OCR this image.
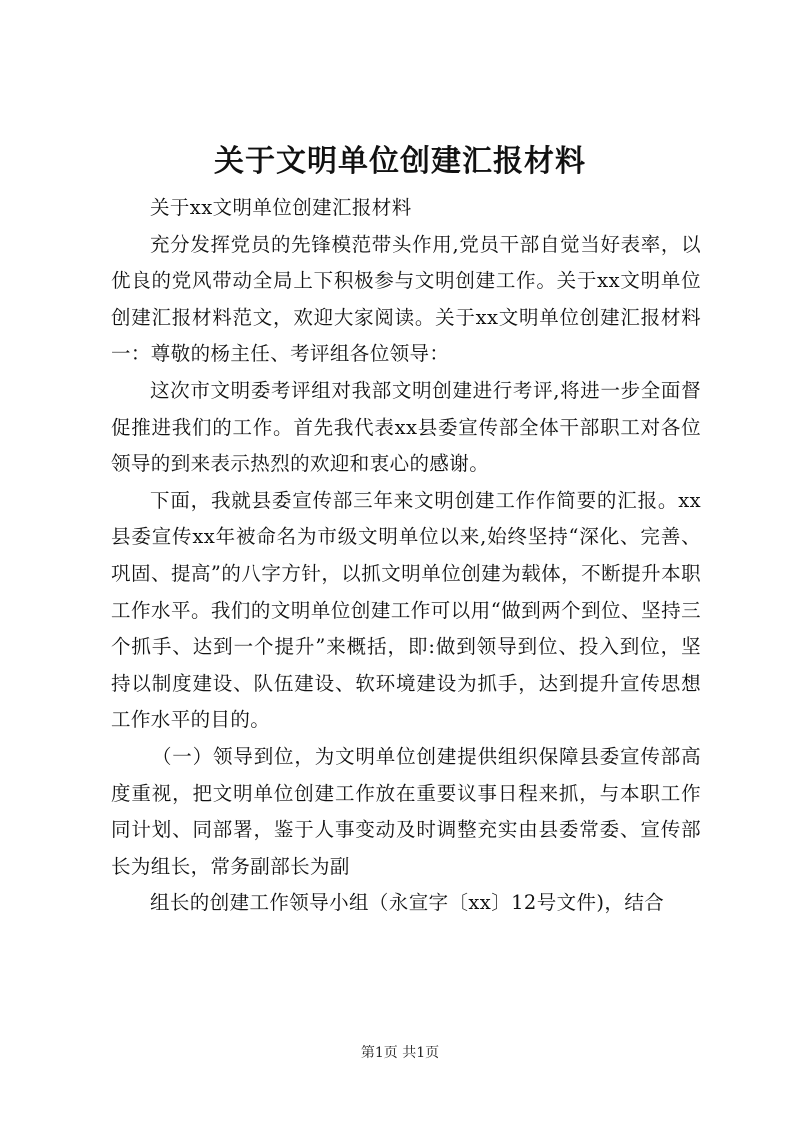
关于文明单位创建汇报材料

关于xx文明单位创建汇报材料

充分发挥党员的先锋模范带头作用,党员干部自觉当好表率，以优良的党风带动全局上下积极参与文明创建工作。关于xx文明单位创建汇报材料范文，欢迎大家阅读。关于xx文明单位创建汇报材料一：尊敬的杨主任、考评组各位领导：

这次市文明委考评组对我部文明创建进行考评,将进一步全面督促推进我们的工作。首先我代表xx县委宣传部全体干部职工对各位领导的到来表示热烈的欢迎和衷心的感谢。

下面，我就县委宣传部三年来文明创建工作作简要的汇报。xx县委宣传xx年被命名为市级文明单位以来,始终坚持“深化、完善、巩固、提高”的八字方针，以抓文明单位创建为载体，不断提升本职工作水平。我们的文明单位创建工作可以用“做到两个到位、坚持三个抓手、达到一个提升”来概括，即:做到领导到位、投入到位，坚持以制度建设、队伍建设、软环境建设为抓手，达到提升宣传思想工作水平的目的。

（一）领导到位，为文明单位创建提供组织保障县委宣传部高度重视，把文明单位创建工作放在重要议事日程来抓，与本职工作同计划、同部署，鉴于人事变动及时调整充实由县委常委、宣传部长为组长，常务副部长为副

组长的创建工作领导小组（永宣字〔xx〕12号文件)，结合

第1页 共1页
